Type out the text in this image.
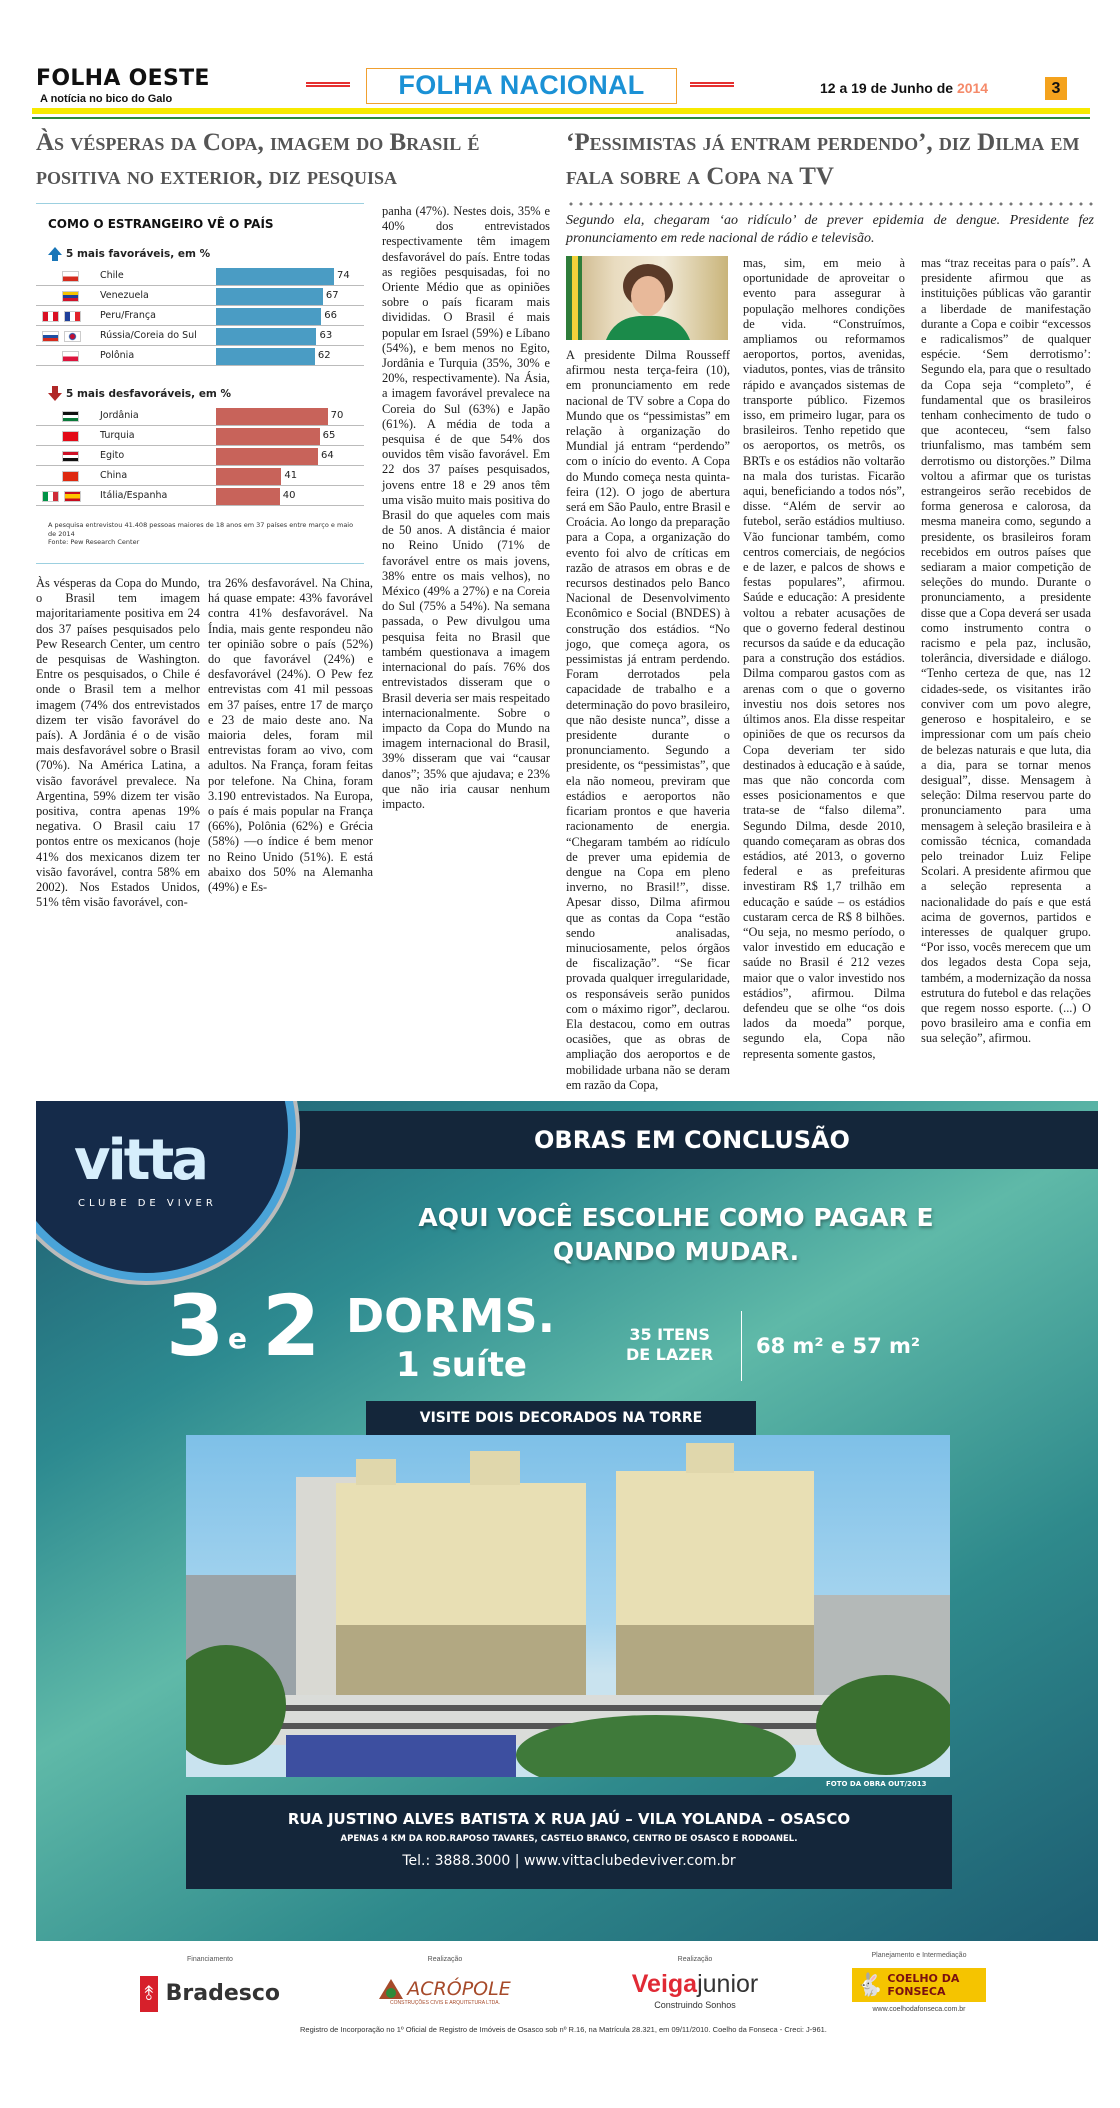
FOLHA OESTE
A notícia no bico do Galo	FOLHA NACIONAL	12 a 19 de Junho de 2014	3
Às vésperas da Copa, imagem do Brasil é positiva no exterior, diz pesquisa
‘Pessimistas já entram perdendo’, diz Dilma em fala sobre a Copa na TV

Segundo ela, chegaram ‘ao ridículo’ de prever epidemia de dengue. Presidente fez pronunciamento em rede nacional de rádio e televisão.

COMO O ESTRANGEIRO VÊ O PAÍS
5 mais favoráveis, em %
Chile	74
Venezuela	67
Peru/França	66
Rússia/Coreia do Sul	63
Polônia	62
5 mais desfavoráveis, em %
Jordânia	70
Turquia	65
Egito	64
China	41
Itália/Espanha	40
A pesquisa entrevistou 41.408 pessoas maiores de 18 anos em 37 países entre março e maio de 2014
Fonte: Pew Research Center

Às vésperas da Copa do Mundo, o Brasil tem imagem majoritariamente positiva em 24 dos 37 países pesquisados pelo Pew Research Center, um centro de pesquisas de Washington. Entre os pesquisados, o Chile é onde o Brasil tem a melhor imagem (74% dos entrevistados dizem ter visão favorável do país). A Jordânia é o de visão mais desfavorável sobre o Brasil (70%). Na América Latina, a visão favorável prevalece. Na Argentina, 59% dizem ter visão positiva, contra apenas 19% negativa. O Brasil caiu 17 pontos entre os mexicanos (hoje 41% dos mexicanos dizem ter visão favorável, contra 58% em 2002). Nos Estados Unidos, 51% têm visão favorável, con-

tra 26% desfavorável. Na China, há quase empate: 43% favorável contra 41% desfavorável. Na Índia, mais gente respondeu não ter opinião sobre o país (52%) do que favorável (24%) e desfavorável (24%). O Pew fez entrevistas com 41 mil pessoas em 37 países, entre 17 de março e 23 de maio deste ano. Na maioria deles, foram mil entrevistas foram ao vivo, com adultos. Na França, foram feitas por telefone. Na China, foram 3.190 entrevistados. Na Europa, o país é mais popular na França (66%), Polônia (62%) e Grécia (58%) —o índice é bem menor no Reino Unido (51%). E está abaixo dos 50% na Alemanha (49%) e Es-

panha (47%). Nestes dois, 35% e 40% dos entrevistados respectivamente têm imagem desfavorável do país. Entre todas as regiões pesquisadas, foi no Oriente Médio que as opiniões sobre o país ficaram mais divididas. O Brasil é mais popular em Israel (59%) e Líbano (54%), e bem menos no Egito, Jordânia e Turquia (35%, 30% e 20%, respectivamente). Na Ásia, a imagem favorável prevalece na Coreia do Sul (63%) e Japão (61%). A média de toda a pesquisa é de que 54% dos ouvidos têm visão favorável. Em 22 dos 37 países pesquisados, jovens entre 18 e 29 anos têm uma visão muito mais positiva do Brasil do que aqueles com mais de 50 anos. A distância é maior no Reino Unido (71% de favorável entre os mais jovens, 38% entre os mais velhos), no México (49% a 27%) e na Coreia do Sul (75% a 54%). Na semana passada, o Pew divulgou uma pesquisa feita no Brasil que também questionava a imagem internacional do país. 76% dos entrevistados disseram que o Brasil deveria ser mais respeitado internacionalmente. Sobre o impacto da Copa do Mundo na imagem internacional do Brasil, 39% disseram que vai “causar danos”; 35% que ajudava; e 23% que não iria causar nenhum impacto.

A presidente Dilma Rousseff afirmou nesta terça-feira (10), em pronunciamento em rede nacional de TV sobre a Copa do Mundo que os “pessimistas” em relação à organização do Mundial já entram “perdendo” com o início do evento. A Copa do Mundo começa nesta quinta-feira (12). O jogo de abertura será em São Paulo, entre Brasil e Croácia. Ao longo da preparação para a Copa, a organização do evento foi alvo de críticas em razão de atrasos em obras e de recursos destinados pelo Banco Nacional de Desenvolvimento Econômico e Social (BNDES) à construção dos estádios. “No jogo, que começa agora, os pessimistas já entram perdendo. Foram derrotados pela capacidade de trabalho e a determinação do povo brasileiro, que não desiste nunca”, disse a presidente durante o pronunciamento. Segundo a presidente, os “pessimistas”, que ela não nomeou, previram que estádios e aeroportos não ficariam prontos e que haveria racionamento de energia. “Chegaram também ao ridículo de prever uma epidemia de dengue na Copa em pleno inverno, no Brasil!”, disse. Apesar disso, Dilma afirmou que as contas da Copa “estão sendo analisadas, minuciosamente, pelos órgãos de fiscalização”. “Se ficar provada qualquer irregularidade, os responsáveis serão punidos com o máximo rigor”, declarou. Ela destacou, como em outras ocasiões, que as obras de ampliação dos aeroportos e de mobilidade urbana não se deram em razão da Copa,

mas, sim, em meio à oportunidade de aproveitar o evento para assegurar à população melhores condições de vida. “Construímos, ampliamos ou reformamos aeroportos, portos, avenidas, viadutos, pontes, vias de trânsito rápido e avançados sistemas de transporte público. Fizemos isso, em primeiro lugar, para os brasileiros. Tenho repetido que os aeroportos, os metrôs, os BRTs e os estádios não voltarão na mala dos turistas. Ficarão aqui, beneficiando a todos nós”, disse. “Além de servir ao futebol, serão estádios multiuso. Vão funcionar também, como centros comerciais, de negócios e de lazer, e palcos de shows e festas populares”, afirmou. Saúde e educação: A presidente voltou a rebater acusações de que o governo federal destinou recursos da saúde e da educação para a construção dos estádios. Dilma comparou gastos com as arenas com o que o governo investiu nos dois setores nos últimos anos. Ela disse respeitar opiniões de que os recursos da Copa deveriam ter sido destinados à educação e à saúde, mas que não concorda com esses posicionamentos e que trata-se de “falso dilema”. Segundo Dilma, desde 2010, quando começaram as obras dos estádios, até 2013, o governo federal e as prefeituras investiram R$ 1,7 trilhão em educação e saúde – os estádios custaram cerca de R$ 8 bilhões. “Ou seja, no mesmo período, o valor investido em educação e saúde no Brasil é 212 vezes maior que o valor investido nos estádios”, afirmou. Dilma defendeu que se olhe “os dois lados da moeda” porque, segundo ela, Copa não representa somente gastos,

mas “traz receitas para o país”. A presidente afirmou que as instituições públicas vão garantir a liberdade de manifestação durante a Copa e coibir “excessos e radicalismos” de qualquer espécie. ‘Sem derrotismo’: Segundo ela, para que o resultado da Copa seja “completo”, é fundamental que os brasileiros tenham conhecimento de tudo o que aconteceu, “sem falso triunfalismo, mas também sem derrotismo ou distorções.” Dilma voltou a afirmar que os turistas estrangeiros serão recebidos de forma generosa e calorosa, da mesma maneira como, segundo a presidente, os brasileiros foram recebidos em outros países que sediaram a maior competição de seleções do mundo. Durante o pronunciamento, a presidente disse que a Copa deverá ser usada como instrumento contra o racismo e pela paz, inclusão, tolerância, diversidade e diálogo. “Tenho certeza de que, nas 12 cidades-sede, os visitantes irão conviver com um povo alegre, generoso e hospitaleiro, e se impressionar com um país cheio de belezas naturais e que luta, dia a dia, para se tornar menos desigual”, disse. Mensagem à seleção: Dilma reservou parte do pronunciamento para uma mensagem à seleção brasileira e à comissão técnica, comandada pelo treinador Luiz Felipe Scolari. A presidente afirmou que a seleção representa a nacionalidade do país e que está acima de governos, partidos e interesses de qualquer grupo. “Por isso, vocês merecem que um dos legados desta Copa seja, também, a modernização da nossa estrutura do futebol e das relações que regem nosso esporte. (...) O povo brasileiro ama e confia em sua seleção”, afirmou.

OBRAS EM CONCLUSÃO
vitta
CLUBE DE VIVER	AQUI VOCÊ ESCOLHE COMO PAGAR E
QUANDO MUDAR.
3 e 2 DORMS.
1 suíte
35 ITENS
DE LAZER 68 m² e 57 m²
VISITE DOIS DECORADOS NA TORRE
FOTO DA OBRA OUT/2013
RUA JUSTINO ALVES BATISTA X RUA JAÚ – VILA YOLANDA – OSASCO
APENAS 4 KM DA ROD.RAPOSO TAVARES, CASTELO BRANCO, CENTRO DE OSASCO E RODOANEL.
Tel.: 3888.3000 | www.vittaclubedeviver.com.br
Financiamento
⥉ Bradesco
Realização
ACRÓPOLE
CONSTRUÇÕES CIVIS E ARQUITETURA LTDA.
Realização
Veigajunior
Construindo Sonhos
Planejamento e Intermediação
🐇 COELHO DA
FONSECA
www.coelhodafonseca.com.br
Registro de Incorporação no 1º Oficial de Registro de Imóveis de Osasco sob nº R.16, na Matrícula 28.321, em 09/11/2010. Coelho da Fonseca - Creci: J-961.
